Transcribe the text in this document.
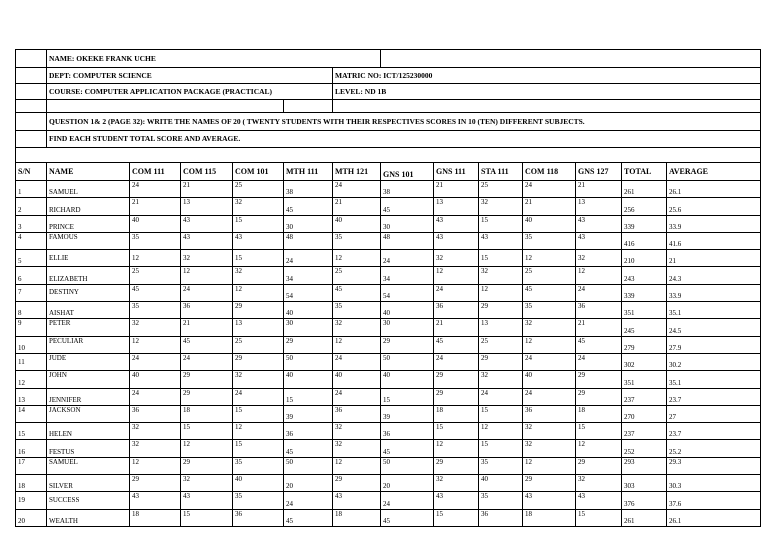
	NAME: OKEKE FRANK UCHE												
	DEPT: COMPUTER SCIENCE					MATRIC NO: ICT/125230000							
	COURSE: COMPUTER APPLICATION PACKAGE (PRACTICAL)					LEVEL: ND 1B							

	QUESTION 1& 2 (PAGE 32): WRITE THE NAMES OF 20 ( TWENTY STUDENTS WITH THEIR RESPECTIVES SCORES IN 10 (TEN) DIFFERENT SUBJECTS.												
	FIND EACH STUDENT TOTAL SCORE AND AVERAGE.												

S/N	NAME	COM 111	COM 115	COM 101	MTH 111	MTH 121	GNS 101	GNS 111	STA 111	COM 118	GNS 127	TOTAL	AVERAGE
1	SAMUEL	24	21	25	38	24	38	21	25	24	21	261	26.1
2	RICHARD	21	13	32	45	21	45	13	32	21	13	256	25.6
3	PRINCE	40	43	15	30	40	30	43	15	40	43	339	33.9
4	FAMOUS	35	43	43	48	35	48	43	43	35	43	416	41.6
5	ELLIE	12	32	15	24	12	24	32	15	12	32	210	21
6	ELIZABETH	25	12	32	34	25	34	12	32	25	12	243	24.3
7	DESTINY	45	24	12	54	45	54	24	12	45	24	339	33.9
8	AISHAT	35	36	29	40	35	40	36	29	35	36	351	35.1
9	PETER	32	21	13	30	32	30	21	13	32	21	245	24.5
10	PECULIAR	12	45	25	29	12	29	45	25	12	45	279	27.9
11	JUDE	24	24	29	50	24	50	24	29	24	24	302	30.2
12	JOHN	40	29	32	40	40	40	29	32	40	29	351	35.1
13	JENNIFER	24	29	24	15	24	15	29	24	24	29	237	23.7
14	JACKSON	36	18	15	39	36	39	18	15	36	18	270	27
15	HELEN	32	15	12	36	32	36	15	12	32	15	237	23.7
16	FESTUS	32	12	15	45	32	45	12	15	32	12	252	25.2
17	SAMUEL	12	29	35	50	12	50	29	35	12	29	293	29.3
18	SILVER	29	32	40	20	29	20	32	40	29	32	303	30.3
19	SUCCESS	43	43	35	24	43	24	43	35	43	43	376	37.6
20	WEALTH	18	15	36	45	18	45	15	36	18	15	261	26.1
